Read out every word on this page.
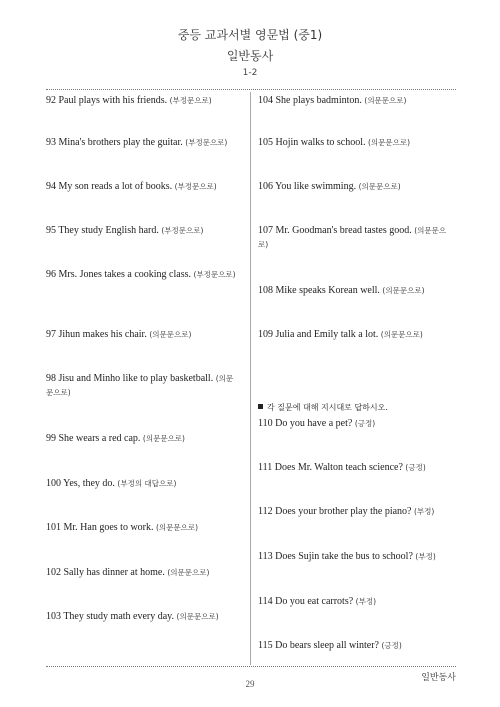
중등 교과서별 영문법 (중1)
일반동사
1-2
92 Paul plays with his friends. (부정문으로)
93 Mina's brothers play the guitar. (부정문으로)
94 My son reads a lot of books. (부정문으로)
95 They study English hard. (부정문으로)
96 Mrs. Jones takes a cooking class. (부정문으로)
97 Jihun makes his chair. (의문문으로)
98 Jisu and Minho like to play basketball. (의문문으로)
99 She wears a red cap. (의문문으로)
100 Yes, they do. (부정의 대답으로)
101 Mr. Han goes to work. (의문문으로)
102 Sally has dinner at home. (의문문으로)
103 They study math every day. (의문문으로)
104 She plays badminton. (의문문으로)
105 Hojin walks to school. (의문문으로)
106 You like swimming. (의문문으로)
107 Mr. Goodman's bread tastes good. (의문문으로)
108 Mike speaks Korean well. (의문문으로)
109 Julia and Emily talk a lot. (의문문으로)
각 질문에 대해 지시대로 답하시오.
110 Do you have a pet? (긍정)
111 Does Mr. Walton teach science? (긍정)
112 Does your brother play the piano? (부정)
113 Does Sujin take the bus to school? (부정)
114 Do you eat carrots? (부정)
115 Do bears sleep all winter? (긍정)
29
일반동사
